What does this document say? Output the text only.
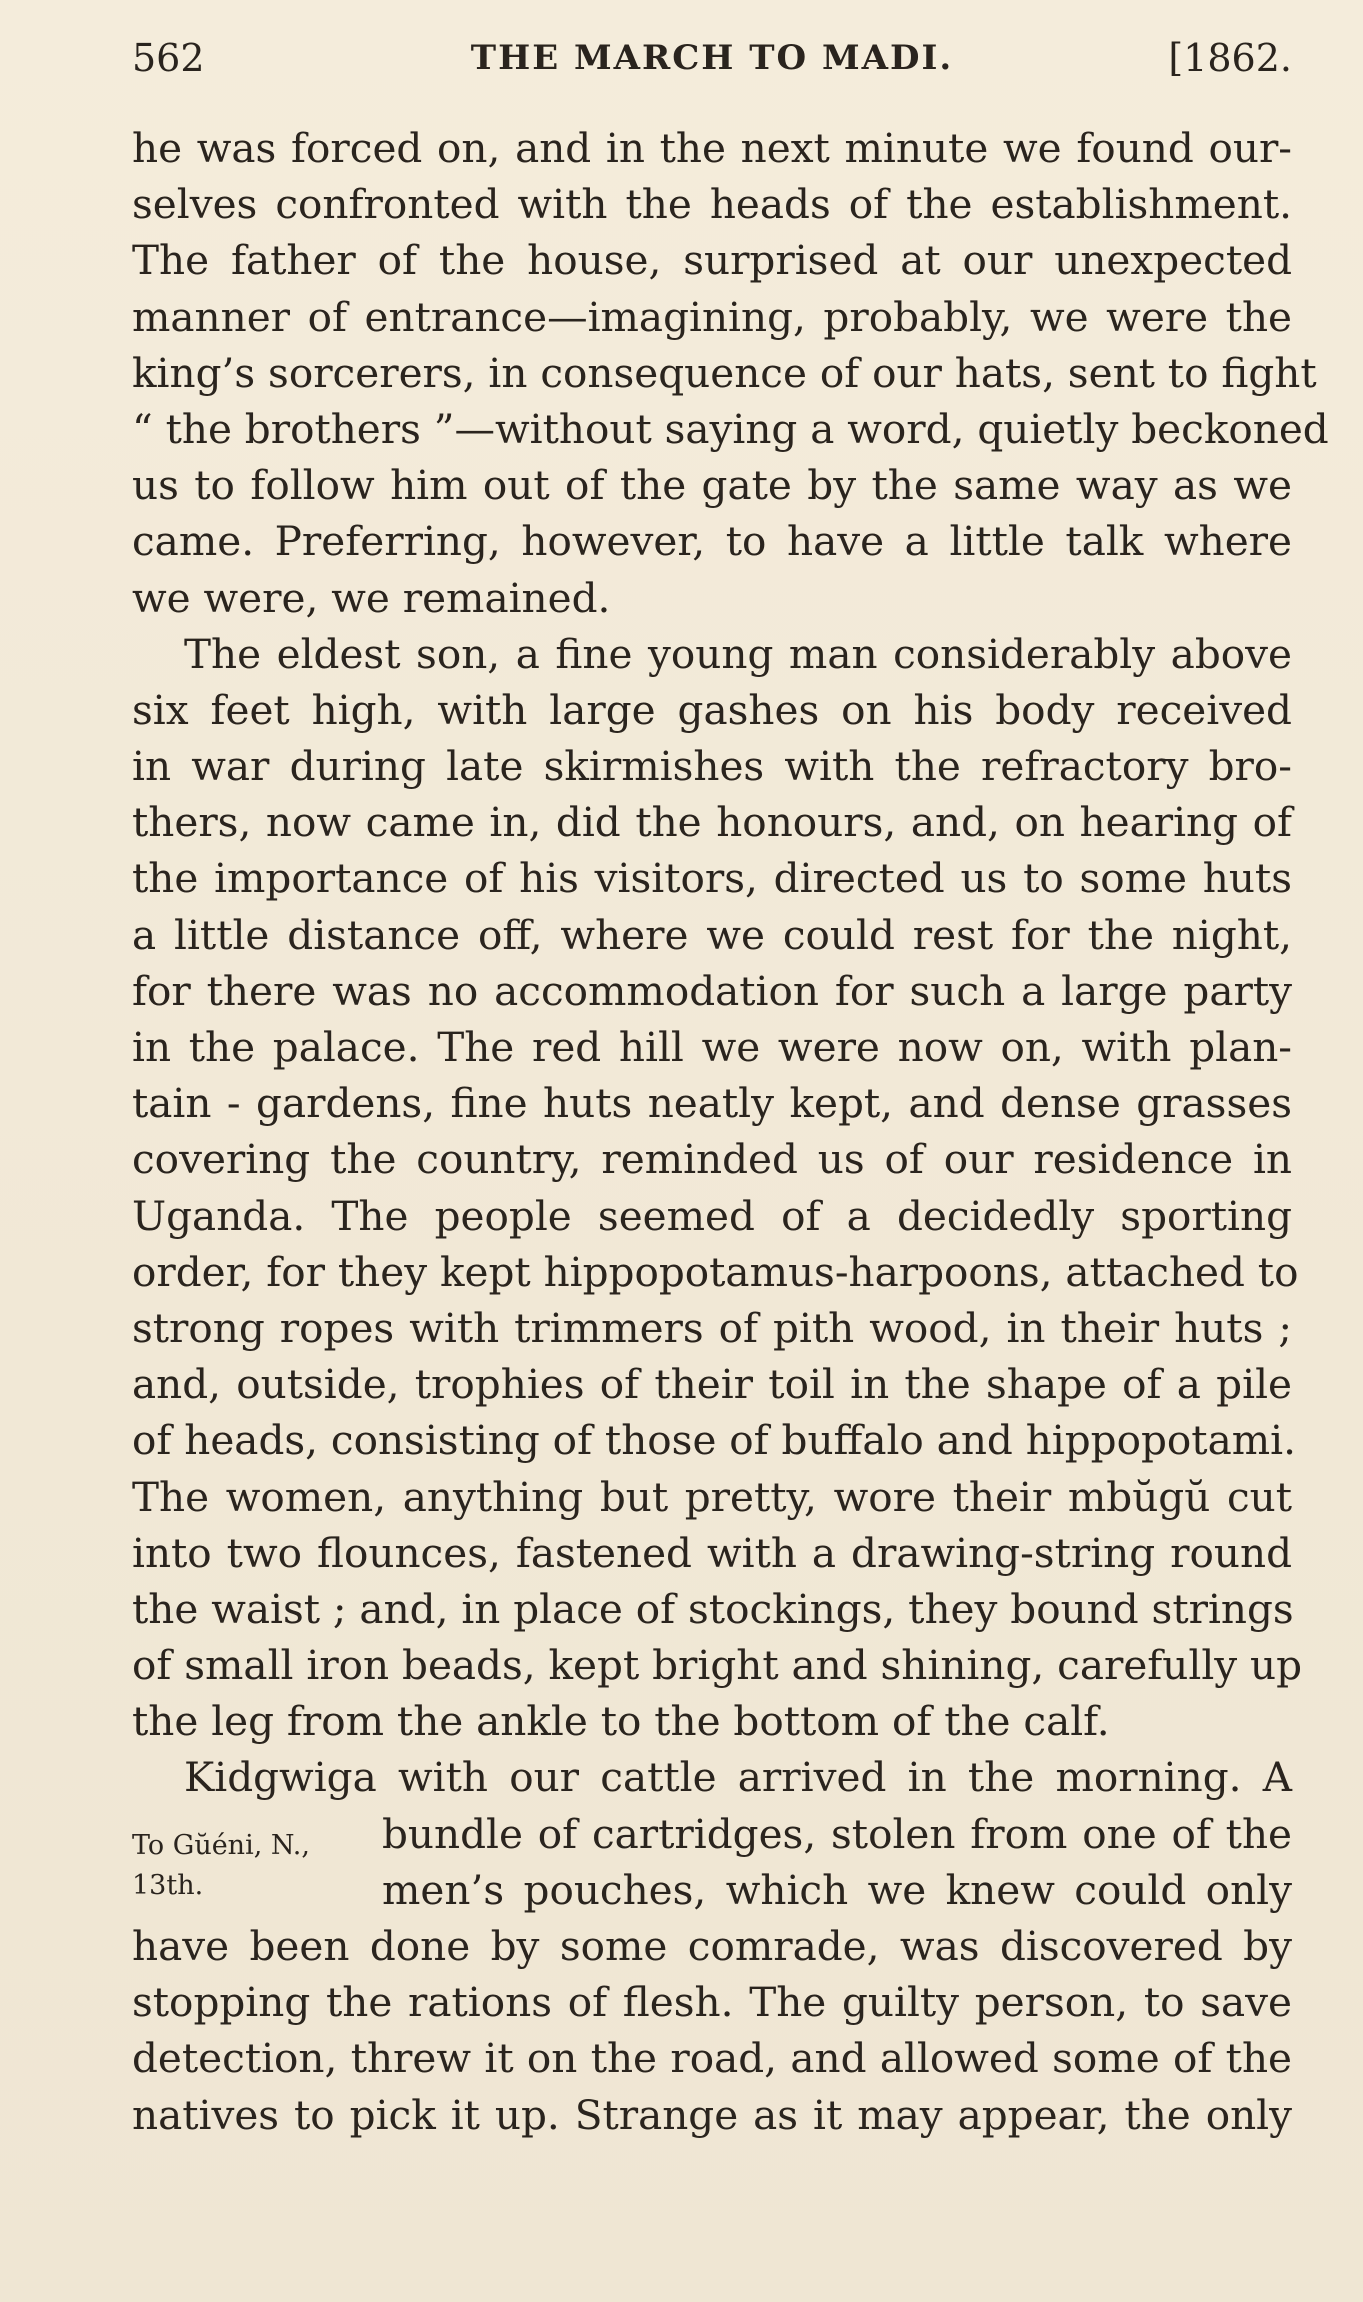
562	THE MARCH TO MADI.	[1862.
he was forced on, and in the next minute we found our-
selves confronted with the heads of the establishment.
The father of the house, surprised at our unexpected
manner of entrance—imagining, probably, we were the
king’s sorcerers, in consequence of our hats, sent to fight
“ the brothers ”—without saying a word, quietly beckoned
us to follow him out of the gate by the same way as we
came. Preferring, however, to have a little talk where
we were, we remained.
The eldest son, a fine young man considerably above
six feet high, with large gashes on his body received
in war during late skirmishes with the refractory bro-
thers, now came in, did the honours, and, on hearing of
the importance of his visitors, directed us to some huts
a little distance off, where we could rest for the night,
for there was no accommodation for such a large party
in the palace. The red hill we were now on, with plan-
tain - gardens, fine huts neatly kept, and dense grasses
covering the country, reminded us of our residence in
Uganda. The people seemed of a decidedly sporting
order, for they kept hippopotamus-harpoons, attached to
strong ropes with trimmers of pith wood, in their huts ;
and, outside, trophies of their toil in the shape of a pile
of heads, consisting of those of buffalo and hippopotami.
The women, anything but pretty, wore their mbŭgŭ cut
into two flounces, fastened with a drawing-string round
the waist ; and, in place of stockings, they bound strings
of small iron beads, kept bright and shining, carefully up
the leg from the ankle to the bottom of the calf.
Kidgwiga with our cattle arrived in the morning. A
bundle of cartridges, stolen from one of the
men’s pouches, which we knew could only
have been done by some comrade, was discovered by
stopping the rations of flesh. The guilty person, to save
detection, threw it on the road, and allowed some of the
natives to pick it up. Strange as it may appear, the only
To Gŭéni, N.,
13th.
